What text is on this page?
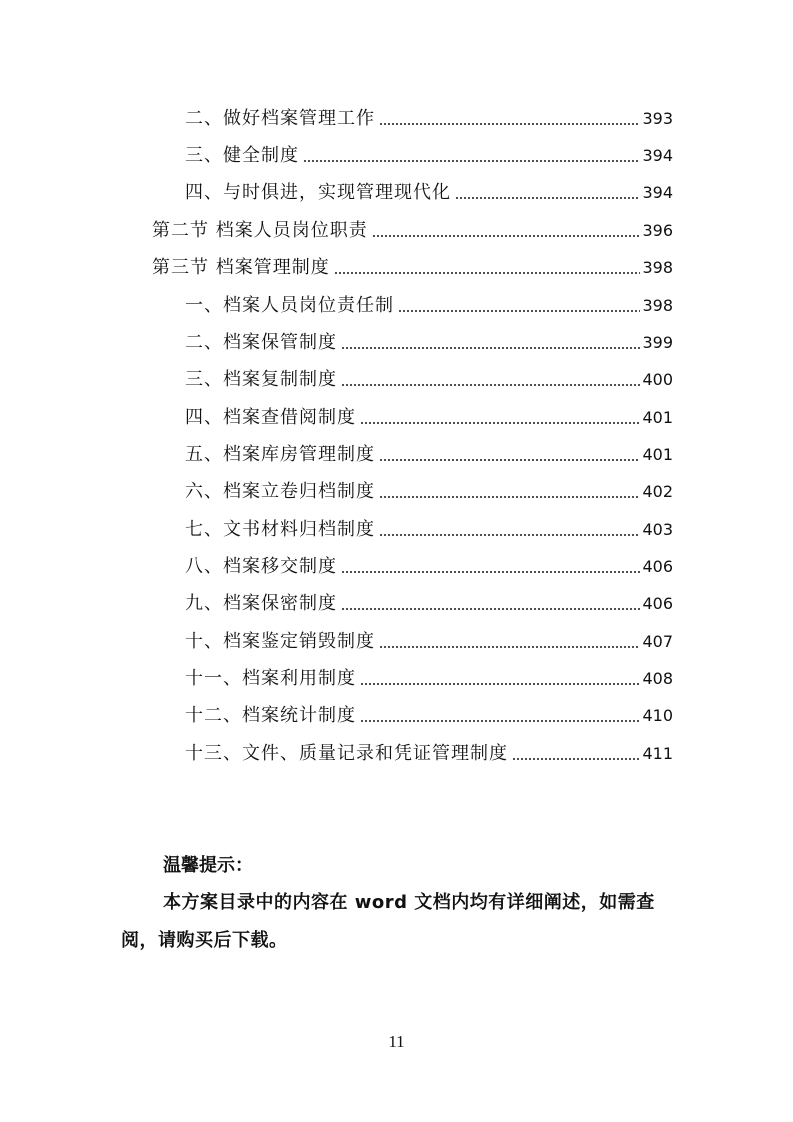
二、做好档案管理工作	393
三、健全制度	394
四、与时俱进，实现管理现代化	394
第二节 档案人员岗位职责	396
第三节 档案管理制度	398
一、档案人员岗位责任制	398
二、档案保管制度	399
三、档案复制制度	400
四、档案查借阅制度	401
五、档案库房管理制度	401
六、档案立卷归档制度	402
七、文书材料归档制度	403
八、档案移交制度	406
九、档案保密制度	406
十、档案鉴定销毁制度	407
十一、档案利用制度	408
十二、档案统计制度	410
十三、文件、质量记录和凭证管理制度	411
温馨提示：
本方案目录中的内容在 word 文档内均有详细阐述，如需查阅，请购买后下载。
11
